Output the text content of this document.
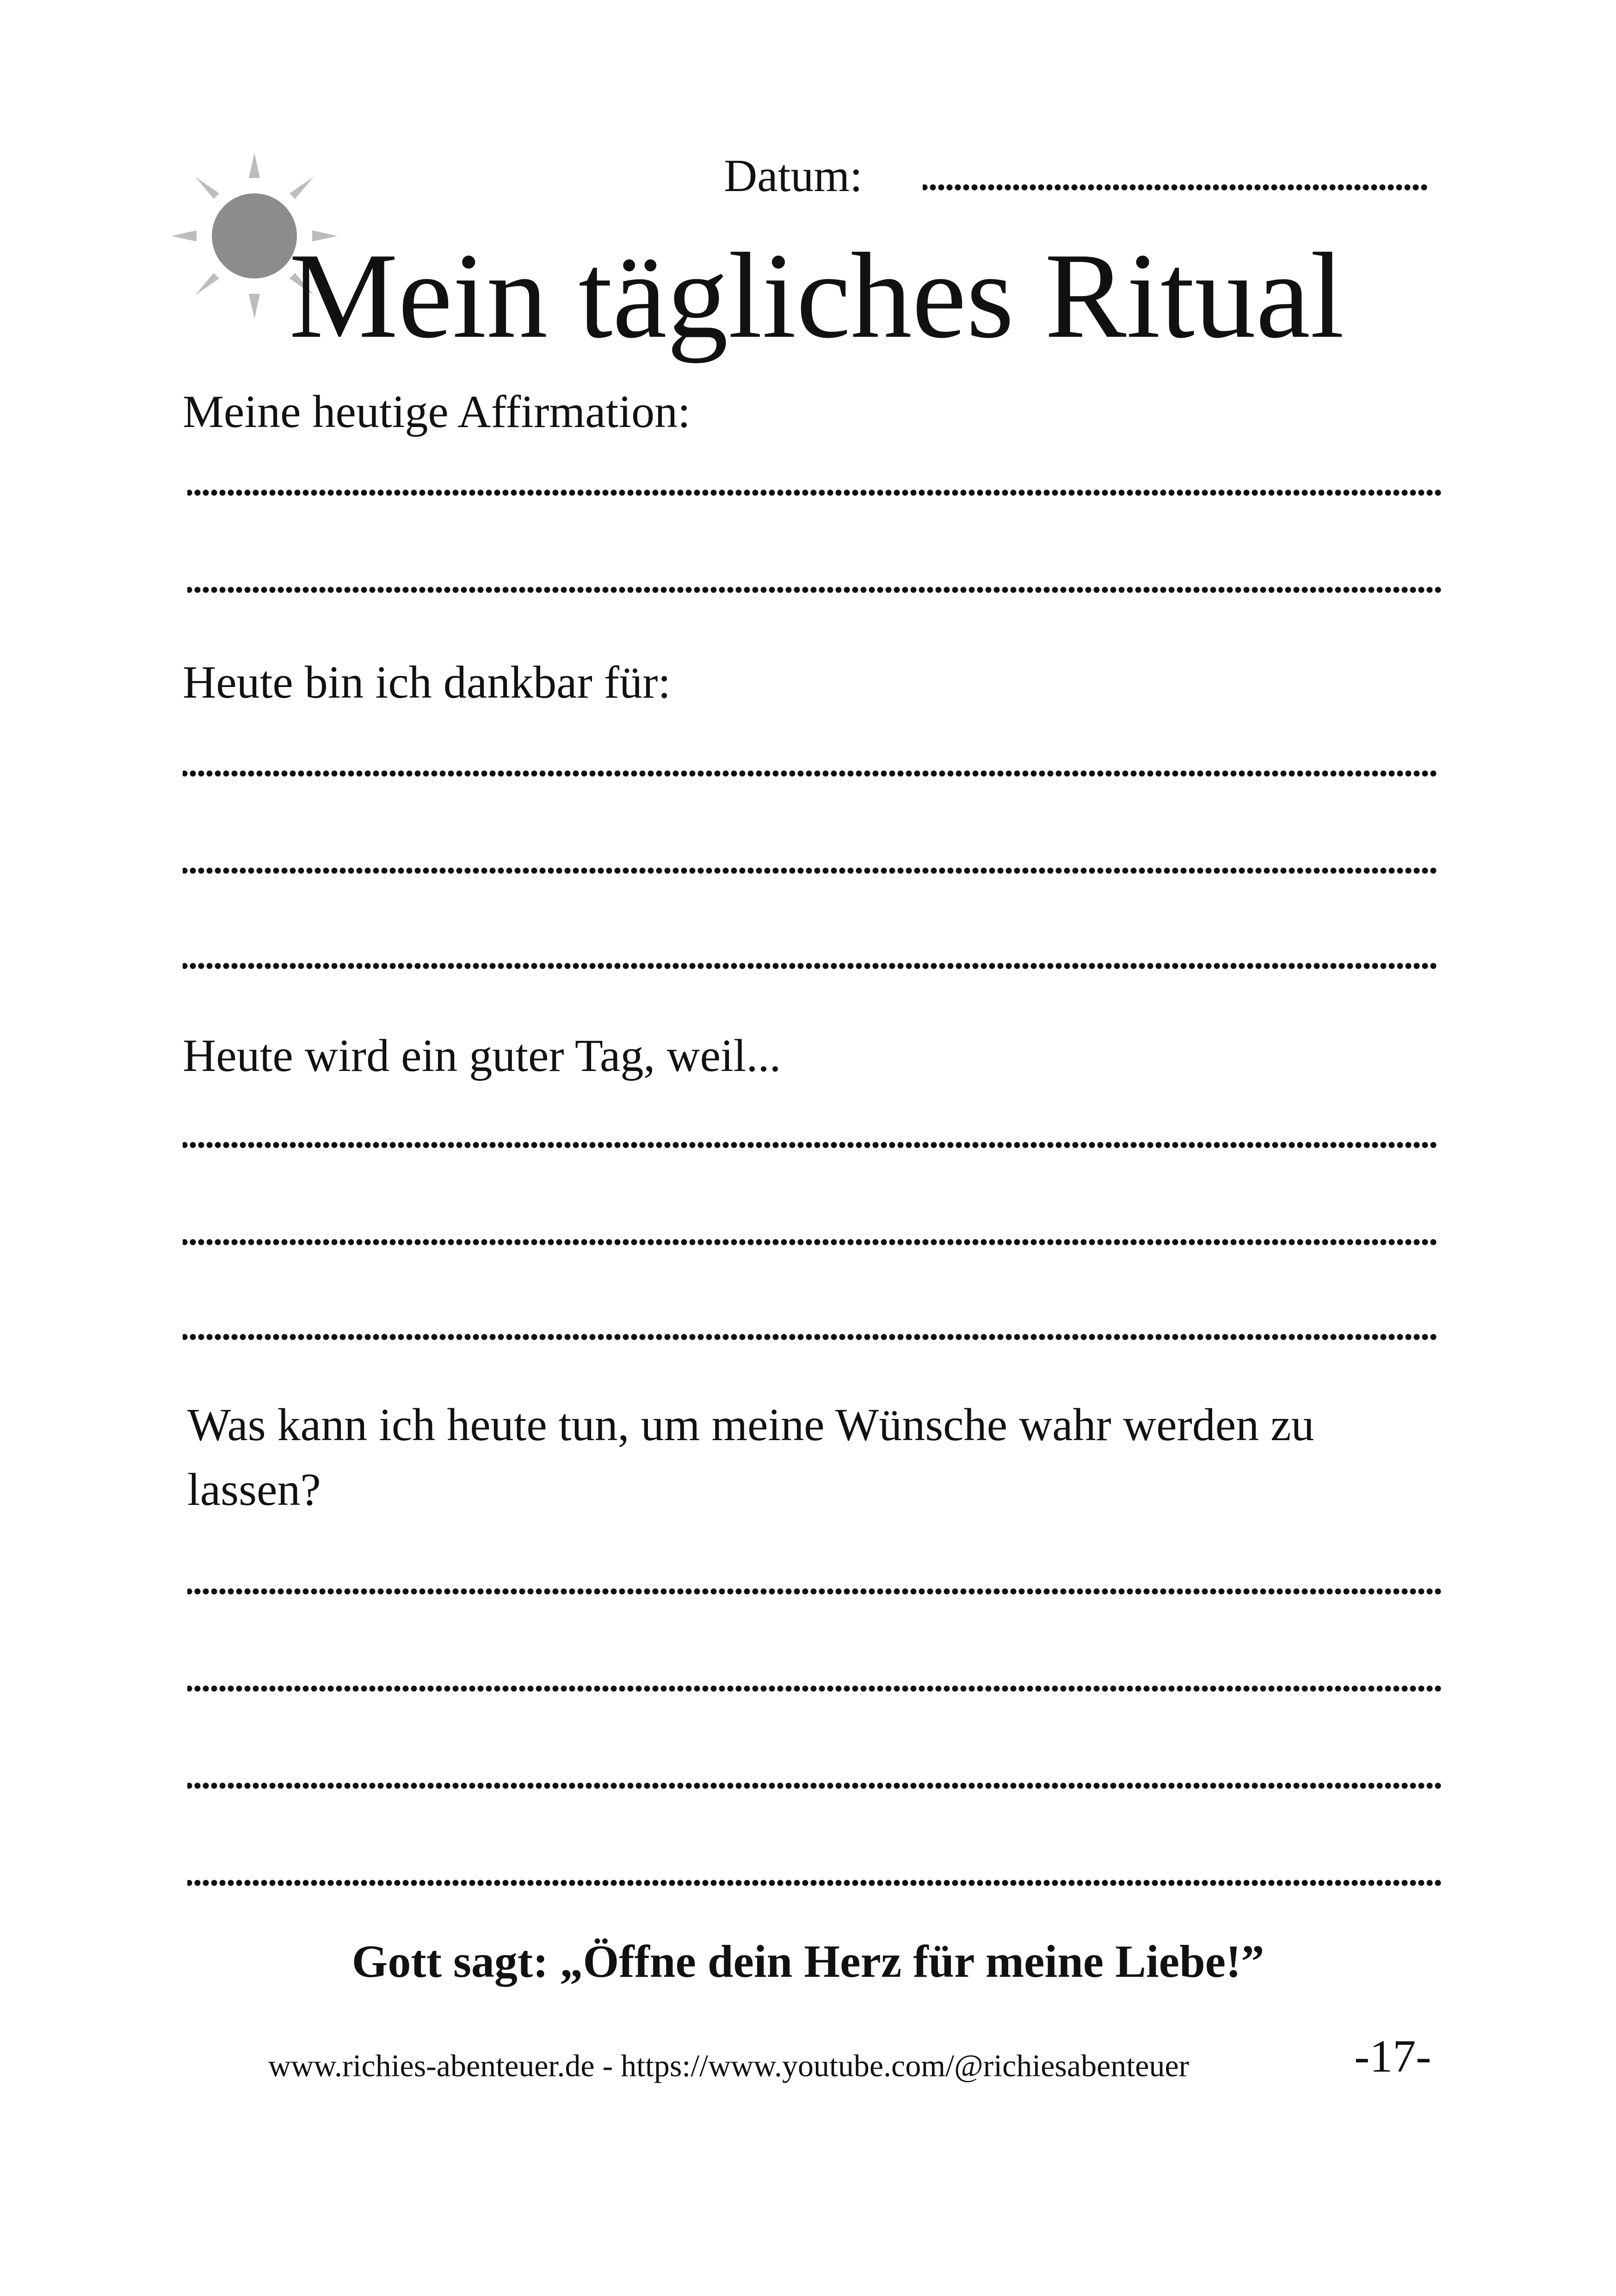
Datum:
Mein tägliches Ritual
Meine heutige Affirmation:
Heute bin ich dankbar für:
Heute wird ein guter Tag, weil...
Was kann ich heute tun, um meine Wünsche wahr werden zu lassen?
Gott sagt: „Öffne dein Herz für meine Liebe!”
www.richies-abenteuer.de - https://www.youtube.com/@richiesabenteuer	-17-
